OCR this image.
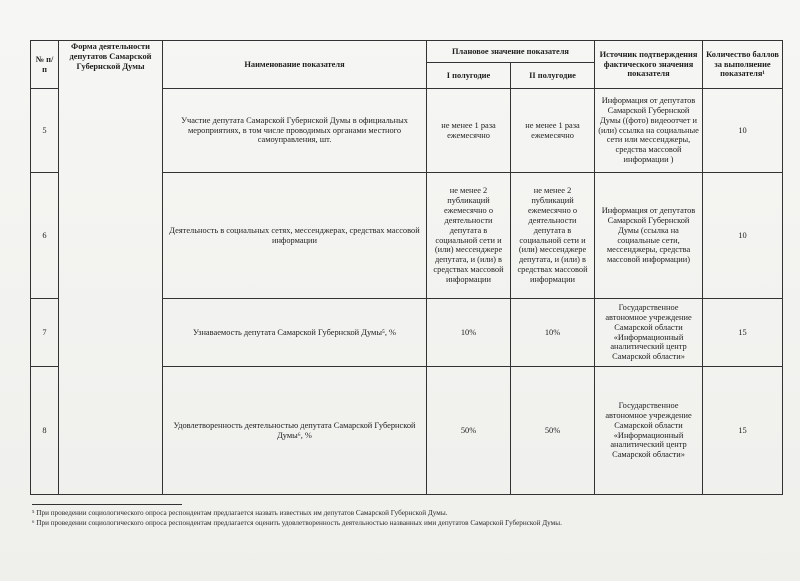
№ п/п	Форма деятельности депутатов Самарской Губернской Думы	Наименование показателя	Плановое значение показателя		Источник подтверждения фактического значения показателя	Количество баллов за выполнение показателя¹
			I полугодие	II полугодие		
5		Участие депутата Самарской Губернской Думы в официальных мероприятиях, в том числе проводимых органами местного самоуправления, шт.	не менее 1 раза ежемесячно	не менее 1 раза ежемесячно	Информация от депутатов Самарской Губернской Думы ((фото) видеоотчет и (или) ссылка на социальные сети или мессенджеры, средства массовой информации )	10
6		Деятельность в социальных сетях, мессенджерах, средствах массовой информации	не менее 2 публикаций ежемесячно о деятельности депутата в социальной сети и (или) мессенджере депутата, и (или) в средствах массовой информации	не менее 2 публикаций ежемесячно о деятельности депутата в социальной сети и (или) мессенджере депутата, и (или) в средствах массовой информации	Информация от депутатов Самарской Губернской Думы (ссылка на социальные сети, мессенджеры, средства массовой информации)	10
7		Узнаваемость депутата Самарской Губернской Думы⁵, %	10%	10%	Государственное автономное учреждение Самарской области «Информационный аналитический центр Самарской области»	15
8		Удовлетворенность деятельностью депутата Самарской Губернской Думы⁶, %	50%	50%	Государственное автономное учреждение Самарской области «Информационный аналитический центр Самарской области»	15

⁵ При проведении социологического опроса респондентам предлагается назвать известных им депутатов Самарской Губернской Думы.

⁶ При проведении социологического опроса респондентам предлагается оценить удовлетворенность деятельностью названных ими депутатов Самарской Губернской Думы.
